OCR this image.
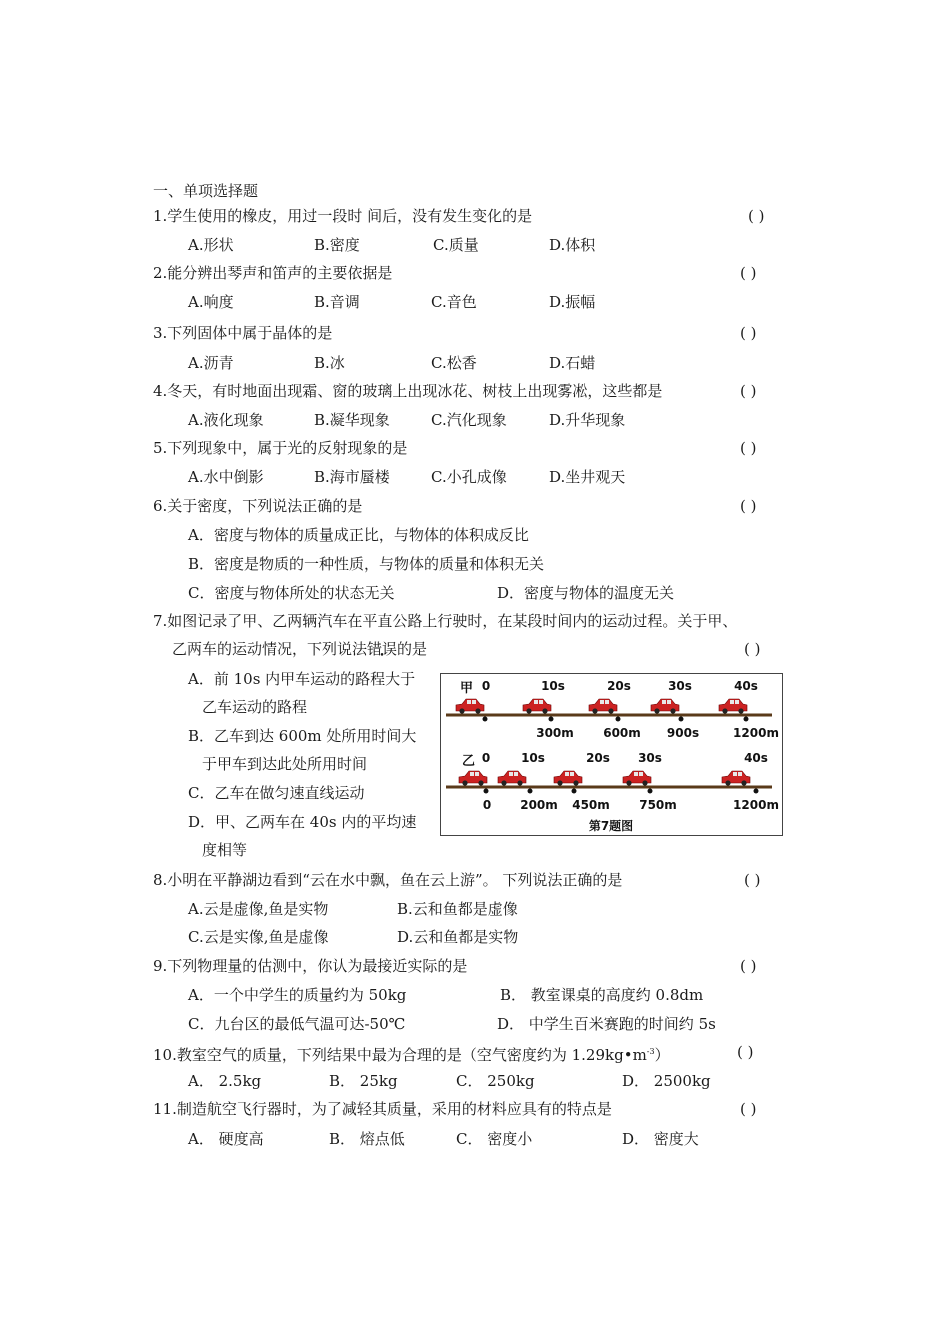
一、单项选择题
1.学生使用的橡皮，用过一段时 间后，没有发生变化的是	( )
A.形状	B.密度	C.质量	D.体积
2.能分辨出琴声和笛声的主要依据是	( )
A.响度	B.音调	C.音色	D.振幅
3.下列固体中属于晶体的是	( )
A.沥青	B.冰	C.松香	D.石蜡
4.冬天，有时地面出现霜、窗的玻璃上出现冰花、树枝上出现雾凇，这些都是	( )
A.液化现象	B.凝华现象	C.汽化现象	D.升华现象
5.下列现象中，属于光的反射现象的是	( )
A.水中倒影	B.海市蜃楼	C.小孔成像	D.坐井观天
6.关于密度，下列说法正确的是	( )
A．密度与物体的质量成正比，与物体的体积成反比
B．密度是物质的一种性质，与物体的质量和体积无关
C．密度与物体所处的状态无关	D．密度与物体的温度无关
7.如图记录了甲、乙两辆汽车在平直公路上行驶时，在某段时间内的运动过程。关于甲、
乙两车的运动情况，下列说法错误的是	( )
A．前 10s 内甲车运动的路程大于
乙车运动的路程
B．乙车到达 600m 处所用时间大
于甲车到达此处所用时间
C．乙车在做匀速直线运动
D．甲、乙两车在 40s 内的平均速
度相等
甲
乙
0	10s	20s	30s	40s
300m 600m 900s	1200m
0	10s	20s 30s	40s
0 200m 450m 750m	1200m
第7题图
8.小明在平静湖边看到“云在水中飘，鱼在云上游”。 下列说法正确的是	( )
A.云是虚像,鱼是实物	B.云和鱼都是虚像
C.云是实像,鱼是虚像	D.云和鱼都是实物
9.下列物理量的估测中，你认为最接近实际的是	( )
A．一个中学生的质量约为 50kg	B． 教室课桌的高度约 0.8dm
C．九台区的最低气温可达-50℃	D． 中学生百米赛跑的时间约 5s
10.教室空气的质量，下列结果中最为合理的是（空气密度约为 $1.29kg•m^{-3}$）	( )
A． 2.5kg	B． 25kg	C． 250kg	D． 2500kg
11.制造航空飞行器时，为了减轻其质量，采用的材料应具有的特点是	( )
A． 硬度高	B． 熔点低	C． 密度小	D． 密度大
